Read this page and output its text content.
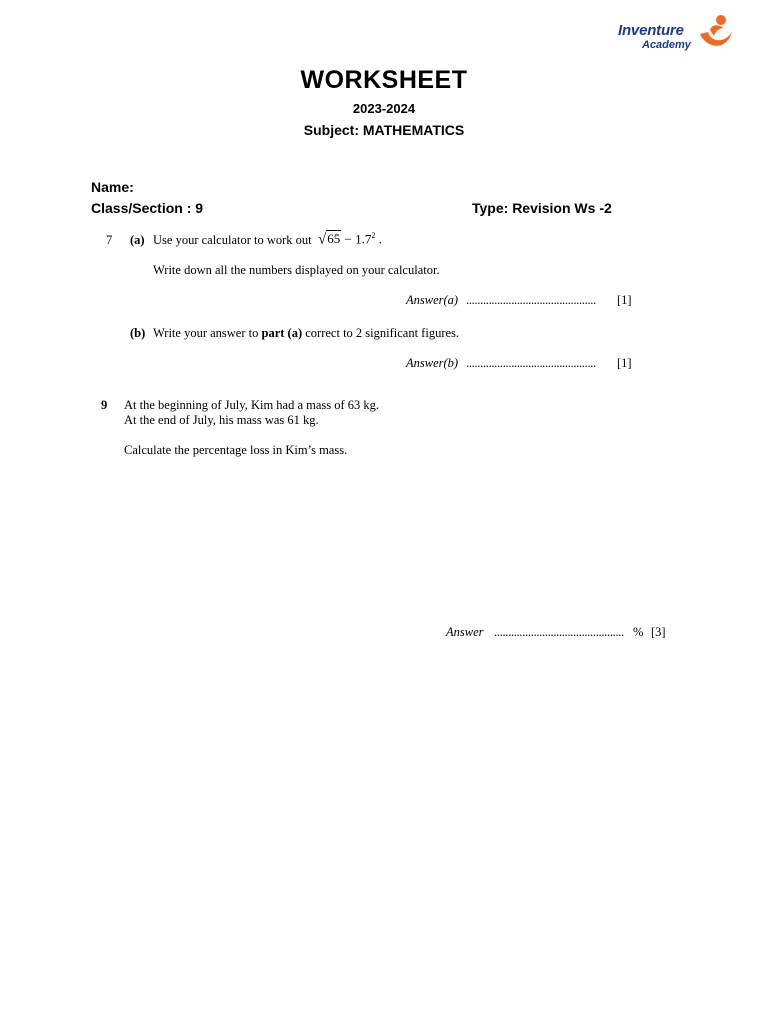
Inventure
Academy
WORKSHEET
2023-2024
Subject: MATHEMATICS
Name:
Class/Section : 9	Type: Revision Ws -2
7 (a) Use your calculator to work out $√65 - 1.7^2$ .
Write down all the numbers displayed on your calculator.
Answer(a) .............................................. [1]
(b) Write your answer to part (a) correct to 2 significant figures.
Answer(b) .............................................. [1]
9 At the beginning of July, Kim had a mass of 63 kg.
At the end of July, his mass was 61 kg.
Calculate the percentage loss in Kim’s mass.
Answer .............................................. % [3]
